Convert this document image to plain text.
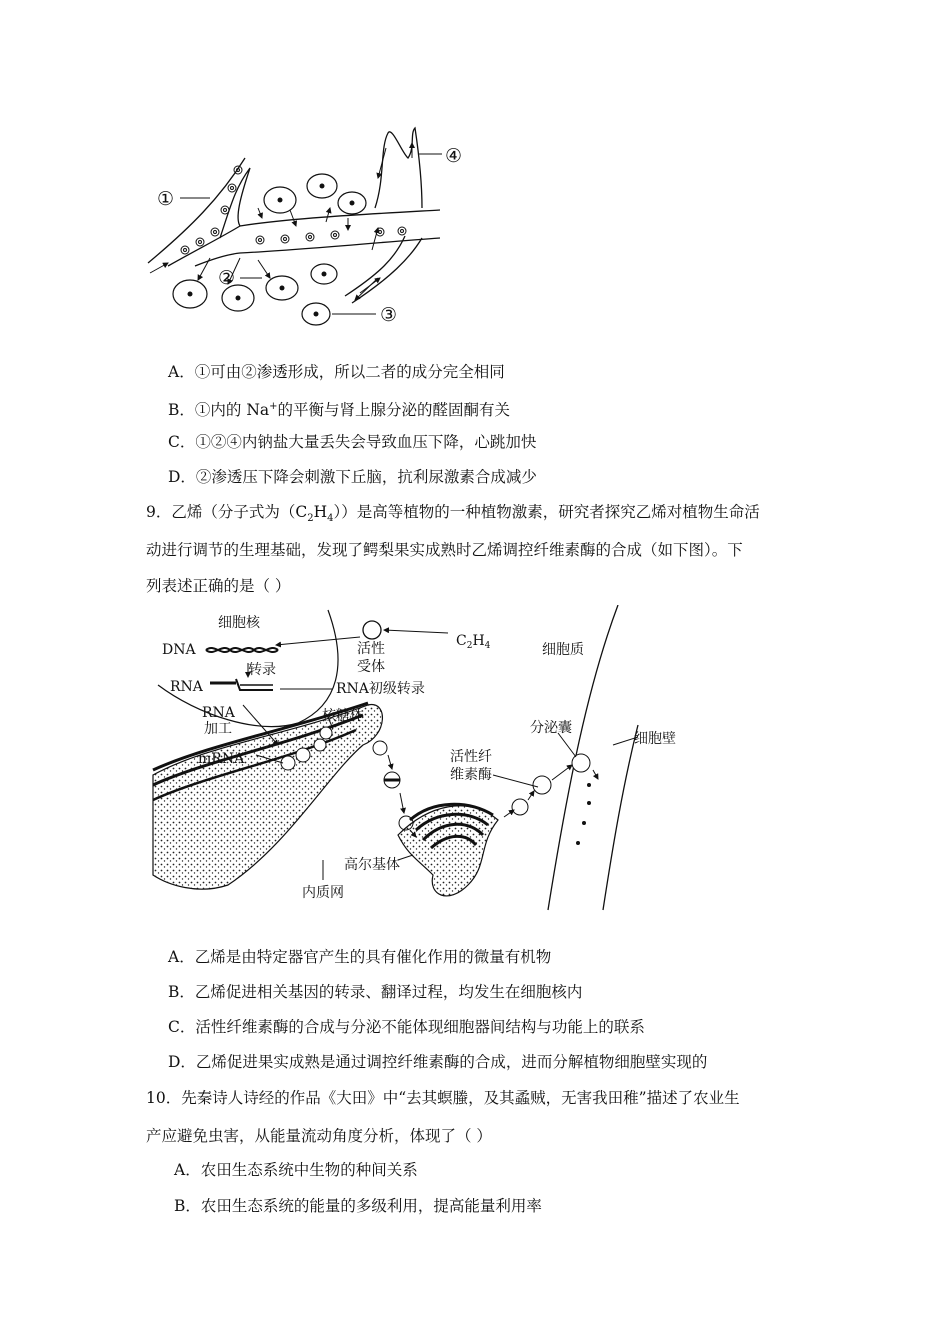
①
②
③
④
A．①可由②渗透形成，所以二者的成分完全相同
B．①内的 Na+的平衡与肾上腺分泌的醛固酮有关
C．①②④内钠盐大量丢失会导致血压下降，心跳加快
D．②渗透压下降会刺激下丘脑，抗利尿激素合成减少
9．乙烯（分子式为$(C_2H_4)$）是高等植物的一种植物激素，研究者探究乙烯对植物生命活
动进行调节的生理基础，发现了鳄梨果实成熟时乙烯调控纤维素酶的合成（如下图）。下
列表述正确的是（ ）
细胞核
DNA
转录
RNA	RNA初级转录
RNA
加工
活性
受体
$C_2H_4$	细胞质
核糖体
mRNA
分泌囊
活性纤
维素酶
细胞壁
高尔基体
内质网
A．乙烯是由特定器官产生的具有催化作用的微量有机物
B．乙烯促进相关基因的转录、翻译过程，均发生在细胞核内
C．活性纤维素酶的合成与分泌不能体现细胞器间结构与功能上的联系
D．乙烯促进果实成熟是通过调控纤维素酶的合成，进而分解植物细胞壁实现的
10．先秦诗人诗经的作品《大田》中“去其螟螣，及其蟊贼，无害我田稚”描述了农业生
产应避免虫害，从能量流动角度分析，体现了（ ）
A．农田生态系统中生物的种间关系
B．农田生态系统的能量的多级利用，提高能量利用率
